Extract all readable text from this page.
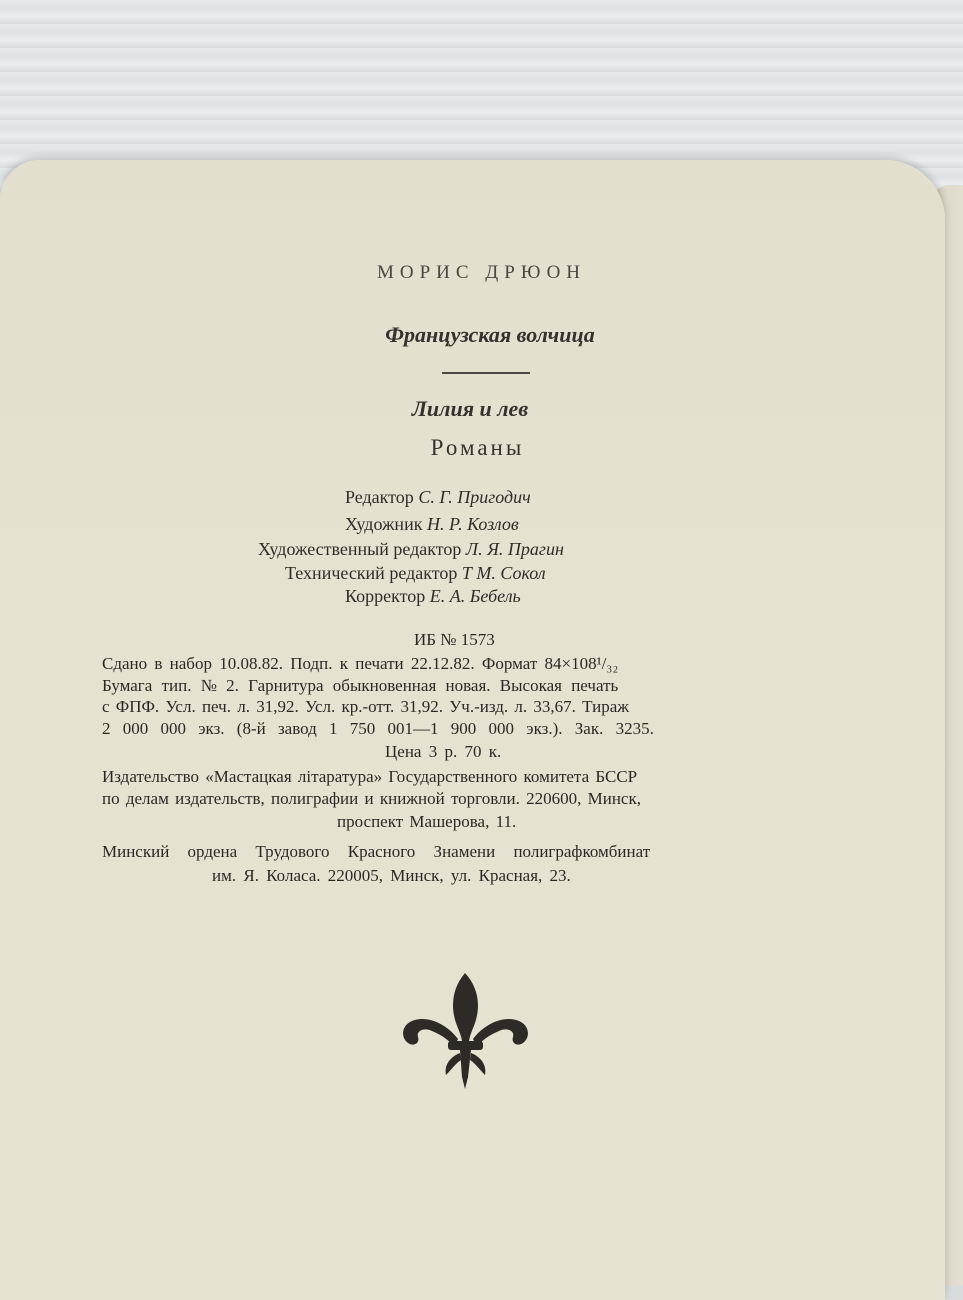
МОРИС ДРЮОН
Французская волчица
Лилия и лев
Романы
Редактор С. Г. Пригодич
Художник Н. Р. Козлов
Художественный редактор Л. Я. Прагин
Технический редактор Т М. Сокол
Корректор Е. А. Бебель
ИБ № 1573
Сдано в набор 10.08.82. Подп. к печати 22.12.82. Формат 84×108¹/₃₂
Бумага тип. № 2. Гарнитура обыкновенная новая. Высокая печать
с ФПФ. Усл. печ. л. 31,92. Усл. кр.-отт. 31,92. Уч.-изд. л. 33,67. Тираж
2 000 000 экз. (8-й завод 1 750 001—1 900 000 экз.). Зак. 3235.
Цена 3 р. 70 к.
Издательство «Мастацкая літаратура» Государственного комитета БССР
по делам издательств, полиграфии и книжной торговли. 220600, Минск,
проспект Машерова, 11.
Минский ордена Трудового Красного Знамени полиграфкомбинат
им. Я. Коласа. 220005, Минск, ул. Красная, 23.
